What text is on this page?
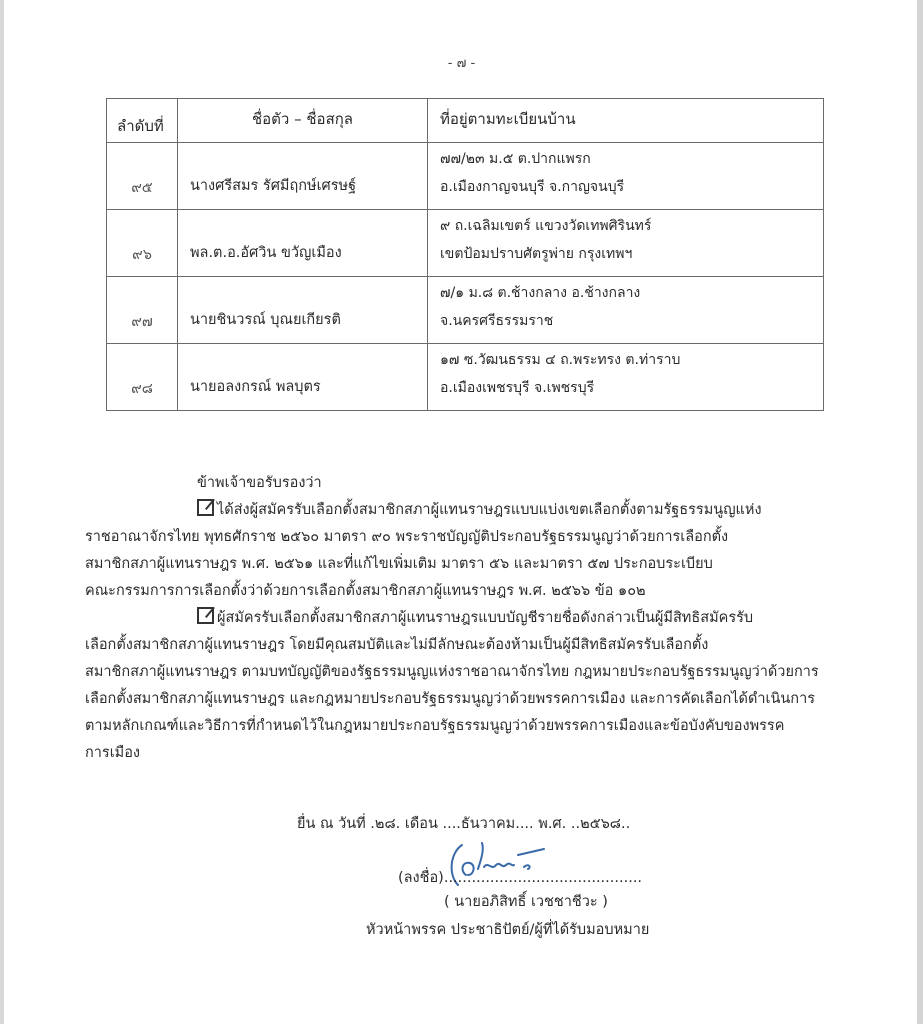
- ๗ -
ลำดับที่	ชื่อตัว – ชื่อสกุล	ที่อยู่ตามทะเบียนบ้าน

๙๕	นางศรีสมร รัศมีฤกษ์เศรษฐ์	๗๗/๒๓ ม.๕ ต.ปากแพรก
อ.เมืองกาญจนบุรี จ.กาญจนบุรี

๙๖	พล.ต.อ.อัศวิน ขวัญเมือง	๙ ถ.เฉลิมเขตร์ แขวงวัดเทพศิรินทร์
เขตป้อมปราบศัตรูพ่าย กรุงเทพฯ

๙๗	นายชินวรณ์ บุณยเกียรติ	๗/๑ ม.๘ ต.ช้างกลาง อ.ช้างกลาง
จ.นครศรีธรรมราช

๙๘	นายอลงกรณ์ พลบุตร	๑๗ ซ.วัฒนธรรม ๔ ถ.พระทรง ต.ท่าราบ
อ.เมืองเพชรบุรี จ.เพชรบุรี
ข้าพเจ้าขอรับรองว่า
ได้ส่งผู้สมัครรับเลือกตั้งสมาชิกสภาผู้แทนราษฎรแบบแบ่งเขตเลือกตั้งตามรัฐธรรมนูญแห่ง
ราชอาณาจักรไทย พุทธศักราช ๒๕๖๐ มาตรา ๙๐ พระราชบัญญัติประกอบรัฐธรรมนูญว่าด้วยการเลือกตั้ง
สมาชิกสภาผู้แทนราษฎร พ.ศ. ๒๕๖๑ และที่แก้ไขเพิ่มเติม มาตรา ๕๖ และมาตรา ๕๗ ประกอบระเบียบ
คณะกรรมการการเลือกตั้งว่าด้วยการเลือกตั้งสมาชิกสภาผู้แทนราษฎร พ.ศ. ๒๕๖๖ ข้อ ๑๐๒
ผู้สมัครรับเลือกตั้งสมาชิกสภาผู้แทนราษฎรแบบบัญชีรายชื่อดังกล่าวเป็นผู้มีสิทธิสมัครรับ
เลือกตั้งสมาชิกสภาผู้แทนราษฎร โดยมีคุณสมบัติและไม่มีลักษณะต้องห้ามเป็นผู้มีสิทธิสมัครรับเลือกตั้ง
สมาชิกสภาผู้แทนราษฎร ตามบทบัญญัติของรัฐธรรมนูญแห่งราชอาณาจักรไทย กฎหมายประกอบรัฐธรรมนูญว่าด้วยการ
เลือกตั้งสมาชิกสภาผู้แทนราษฎร และกฎหมายประกอบรัฐธรรมนูญว่าด้วยพรรคการเมือง และการคัดเลือกได้ดำเนินการ
ตามหลักเกณฑ์และวิธีการที่กำหนดไว้ในกฎหมายประกอบรัฐธรรมนูญว่าด้วยพรรคการเมืองและข้อบังคับของพรรค
การเมือง
ยื่น ณ วันที่ .๒๘. เดือน ....ธันวาคม.... พ.ศ. ..๒๕๖๘..
(ลงชื่อ)...........................................
( นายอภิสิทธิ์ เวชชาชีวะ )
หัวหน้าพรรค ประชาธิปัตย์/ผู้ที่ได้รับมอบหมาย
